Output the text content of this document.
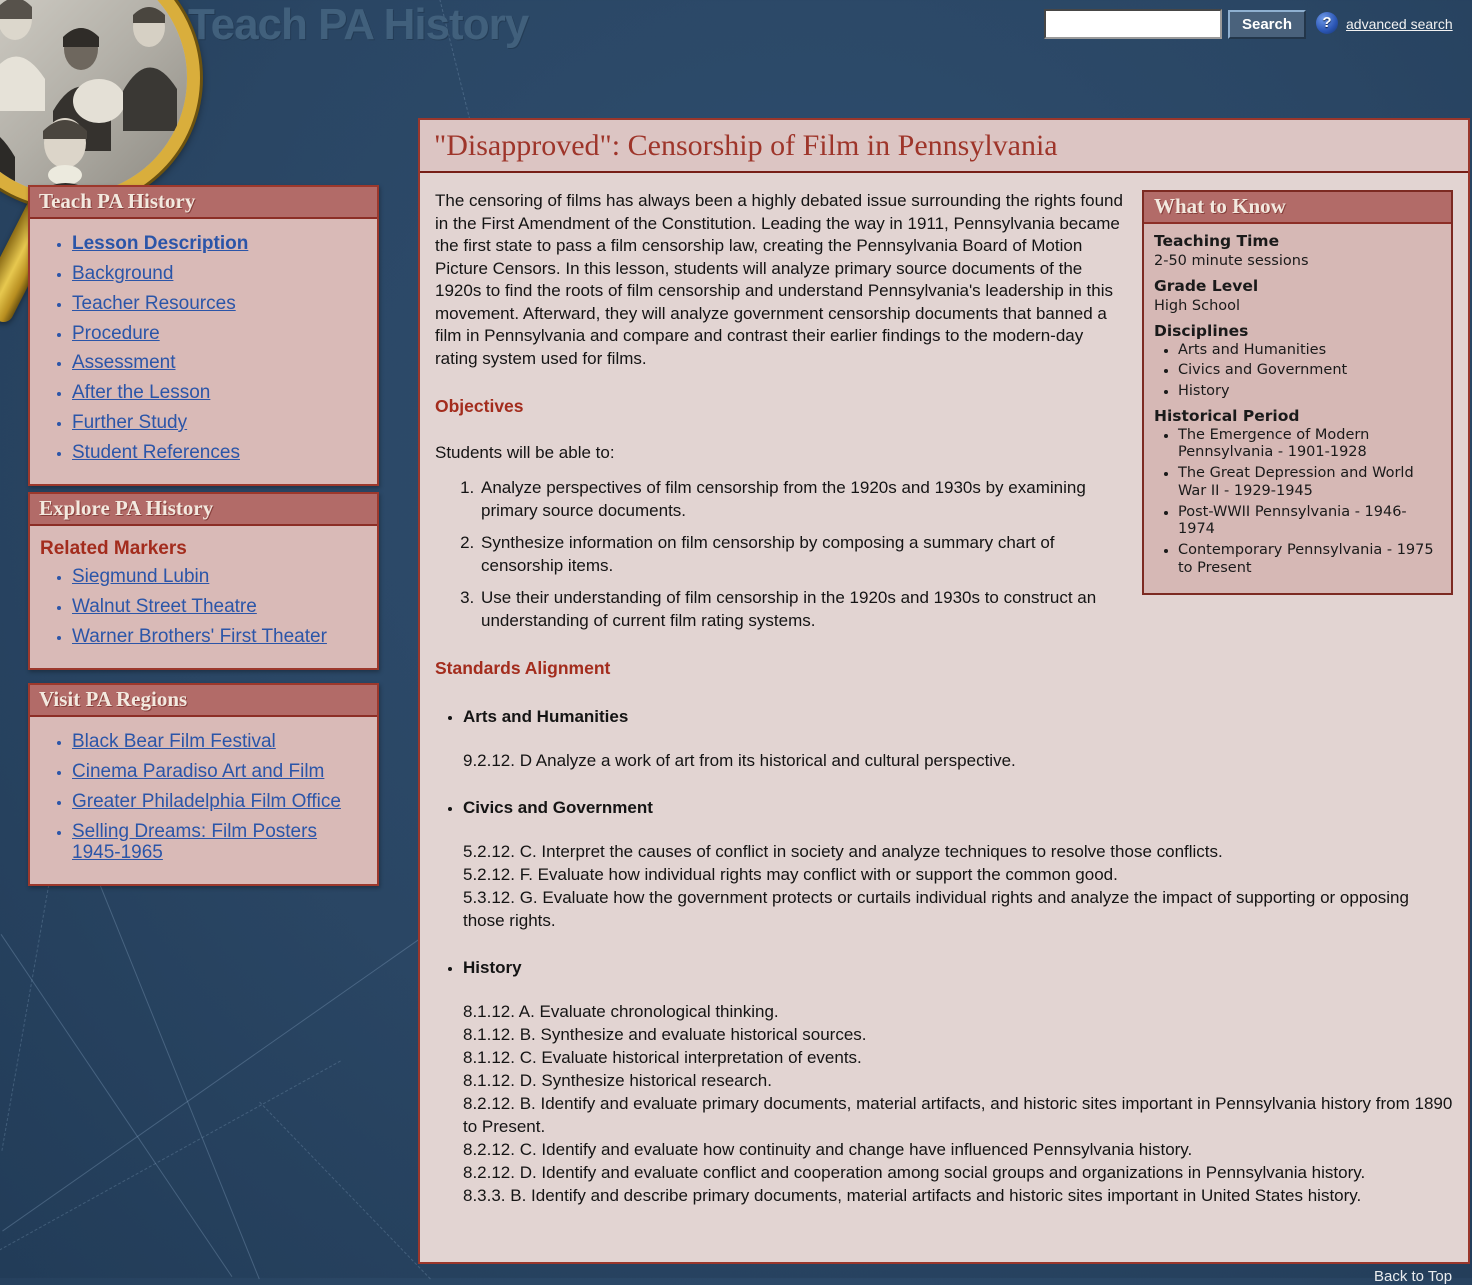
Teach PA History	Search	?	advanced search
Teach PA History
• Lesson Description
• Background
• Teacher Resources
• Procedure
• Assessment
• After the Lesson
• Further Study
• Student References
Explore PA History
Related Markers
• Siegmund Lubin
• Walnut Street Theatre
• Warner Brothers' First Theater
Visit PA Regions
• Black Bear Film Festival
• Cinema Paradiso Art and Film
• Greater Philadelphia Film Office
• Selling Dreams: Film Posters 1945-1965
"Disapproved": Censorship of Film in Pennsylvania
What to Know
Teaching Time
2-50 minute sessions
Grade Level
High School
Disciplines
• Arts and Humanities
• Civics and Government
• History
Historical Period
• The Emergence of Modern Pennsylvania - 1901-1928
• The Great Depression and World War II - 1929-1945
• Post-WWII Pennsylvania - 1946-1974
• Contemporary Pennsylvania - 1975 to Present

The censoring of films has always been a highly debated issue surrounding the rights found in the First Amendment of the Constitution. Leading the way in 1911, Pennsylvania became the first state to pass a film censorship law, creating the Pennsylvania Board of Motion Picture Censors. In this lesson, students will analyze primary source documents of the 1920s to find the roots of film censorship and understand Pennsylvania's leadership in this movement. Afterward, they will analyze government censorship documents that banned a film in Pennsylvania and compare and contrast their earlier findings to the modern-day rating system used for films.

Objectives

Students will be able to:

1. Analyze perspectives of film censorship from the 1920s and 1930s by examining primary source documents.
2. Synthesize information on film censorship by composing a summary chart of censorship items.
3. Use their understanding of film censorship in the 1920s and 1930s to construct an understanding of current film rating systems.
Standards Alignment
• Arts and Humanities
9.2.12. D Analyze a work of art from its historical and cultural perspective.
• Civics and Government
5.2.12. C. Interpret the causes of conflict in society and analyze techniques to resolve those conflicts.
5.2.12. F. Evaluate how individual rights may conflict with or support the common good.
5.3.12. G. Evaluate how the government protects or curtails individual rights and analyze the impact of supporting or opposing those rights.
• History
8.1.12. A. Evaluate chronological thinking.
8.1.12. B. Synthesize and evaluate historical sources.
8.1.12. C. Evaluate historical interpretation of events.
8.1.12. D. Synthesize historical research.
8.2.12. B. Identify and evaluate primary documents, material artifacts, and historic sites important in Pennsylvania history from 1890 to Present.
8.2.12. C. Identify and evaluate how continuity and change have influenced Pennsylvania history.
8.2.12. D. Identify and evaluate conflict and cooperation among social groups and organizations in Pennsylvania history.
8.3.3. B. Identify and describe primary documents, material artifacts and historic sites important in United States history.
Back to Top
